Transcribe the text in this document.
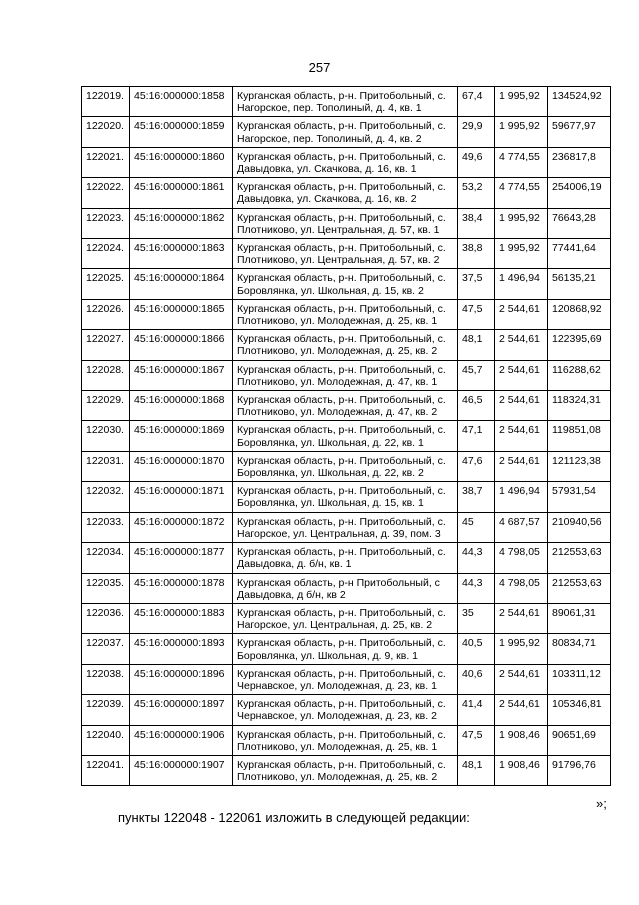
257
122019.	45:16:000000:1858	Курганская область, р-н. Притобольный, с. Нагорское, пер. Тополиный, д. 4, кв. 1	67,4	1 995,92	134524,92
122020.	45:16:000000:1859	Курганская область, р-н. Притобольный, с. Нагорское, пер. Тополиный, д. 4, кв. 2	29,9	1 995,92	59677,97
122021.	45:16:000000:1860	Курганская область, р-н. Притобольный, с. Давыдовка, ул. Скачкова, д. 16, кв. 1	49,6	4 774,55	236817,8
122022.	45:16:000000:1861	Курганская область, р-н. Притобольный, с. Давыдовка, ул. Скачкова, д. 16, кв. 2	53,2	4 774,55	254006,19
122023.	45:16:000000:1862	Курганская область, р-н. Притобольный, с. Плотниково, ул. Центральная, д. 57, кв. 1	38,4	1 995,92	76643,28
122024.	45:16:000000:1863	Курганская область, р-н. Притобольный, с. Плотниково, ул. Центральная, д. 57, кв. 2	38,8	1 995,92	77441,64
122025.	45:16:000000:1864	Курганская область, р-н. Притобольный, с. Боровлянка, ул. Школьная, д. 15, кв. 2	37,5	1 496,94	56135,21
122026.	45:16:000000:1865	Курганская область, р-н. Притобольный, с. Плотниково, ул. Молодежная, д. 25, кв. 1	47,5	2 544,61	120868,92
122027.	45:16:000000:1866	Курганская область, р-н. Притобольный, с. Плотниково, ул. Молодежная, д. 25, кв. 2	48,1	2 544,61	122395,69
122028.	45:16:000000:1867	Курганская область, р-н. Притобольный, с. Плотниково, ул. Молодежная, д. 47, кв. 1	45,7	2 544,61	116288,62
122029.	45:16:000000:1868	Курганская область, р-н. Притобольный, с. Плотниково, ул. Молодежная, д. 47, кв. 2	46,5	2 544,61	118324,31
122030.	45:16:000000:1869	Курганская область, р-н. Притобольный, с. Боровлянка, ул. Школьная, д. 22, кв. 1	47,1	2 544,61	119851,08
122031.	45:16:000000:1870	Курганская область, р-н. Притобольный, с. Боровлянка, ул. Школьная, д. 22, кв. 2	47,6	2 544,61	121123,38
122032.	45:16:000000:1871	Курганская область, р-н. Притобольный, с. Боровлянка, ул. Школьная, д. 15, кв. 1	38,7	1 496,94	57931,54
122033.	45:16:000000:1872	Курганская область, р-н. Притобольный, с. Нагорское, ул. Центральная, д. 39, пом. 3	45	4 687,57	210940,56
122034.	45:16:000000:1877	Курганская область, р-н. Притобольный, с. Давыдовка, д. б/н, кв. 1	44,3	4 798,05	212553,63
122035.	45:16:000000:1878	Курганская область, р-н Притобольный, с Давыдовка, д б/н, кв 2	44,3	4 798,05	212553,63
122036.	45:16:000000:1883	Курганская область, р-н. Притобольный, с. Нагорское, ул. Центральная, д. 25, кв. 2	35	2 544,61	89061,31
122037.	45:16:000000:1893	Курганская область, р-н. Притобольный, с. Боровлянка, ул. Школьная, д. 9, кв. 1	40,5	1 995,92	80834,71
122038.	45:16:000000:1896	Курганская область, р-н. Притобольный, с. Чернавское, ул. Молодежная, д. 23, кв. 1	40,6	2 544,61	103311,12
122039.	45:16:000000:1897	Курганская область, р-н. Притобольный, с. Чернавское, ул. Молодежная, д. 23, кв. 2	41,4	2 544,61	105346,81
122040.	45:16:000000:1906	Курганская область, р-н. Притобольный, с. Плотниково, ул. Молодежная, д. 25, кв. 1	47,5	1 908,46	90651,69
122041.	45:16:000000:1907	Курганская область, р-н. Притобольный, с. Плотниково, ул. Молодежная, д. 25, кв. 2	48,1	1 908,46	91796,76
»;
пункты 122048 - 122061 изложить в следующей редакции:
